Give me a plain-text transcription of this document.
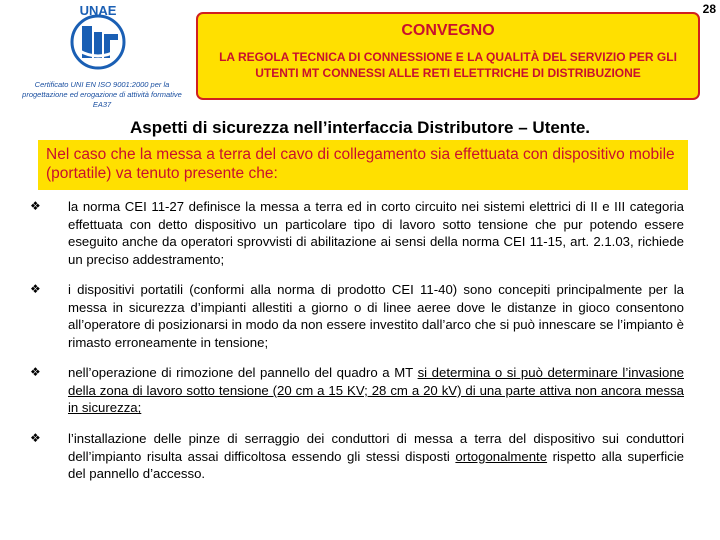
28
UNAE
Certificato UNI EN ISO 9001:2000 per la progettazione ed erogazione di attività formative EA37
CONVEGNO
LA REGOLA TECNICA DI CONNESSIONE E LA QUALITÀ DEL SERVIZIO PER GLI UTENTI MT CONNESSI ALLE RETI ELETTRICHE DI DISTRIBUZIONE
Aspetti di sicurezza nell’interfaccia Distributore – Utente.
Nel caso che la messa a terra del cavo di collegamento sia effettuata con dispositivo mobile (portatile) va tenuto presente che:
❖ la norma CEI 11-27 definisce la messa a terra ed in corto circuito nei sistemi elettrici di II e III categoria effettuata con detto dispositivo un particolare tipo di lavoro sotto tensione che pur potendo essere eseguito anche da operatori sprovvisti di abilitazione ai sensi della norma CEI 11-15, art. 2.1.03, richiede un preciso addestramento;
❖ i dispositivi portatili (conformi alla norma di prodotto CEI 11-40) sono concepiti principalmente per la messa in sicurezza d’impianti allestiti a giorno o di linee aeree dove le distanze in gioco consentono all’operatore di posizionarsi in modo da non essere investito dall’arco che si può innescare se l’impianto è rimasto erroneamente in tensione;
❖ nell’operazione di rimozione del pannello del quadro a MT si determina o si può determinare l’invasione della zona di lavoro sotto tensione (20 cm a 15 KV; 28 cm a 20 kV) di una parte attiva non ancora messa in sicurezza;
❖ l’installazione delle pinze di serraggio dei conduttori di messa a terra del dispositivo sui conduttori dell’impianto risulta assai difficoltosa essendo gli stessi disposti ortogonalmente rispetto alla superficie del pannello d’accesso.
